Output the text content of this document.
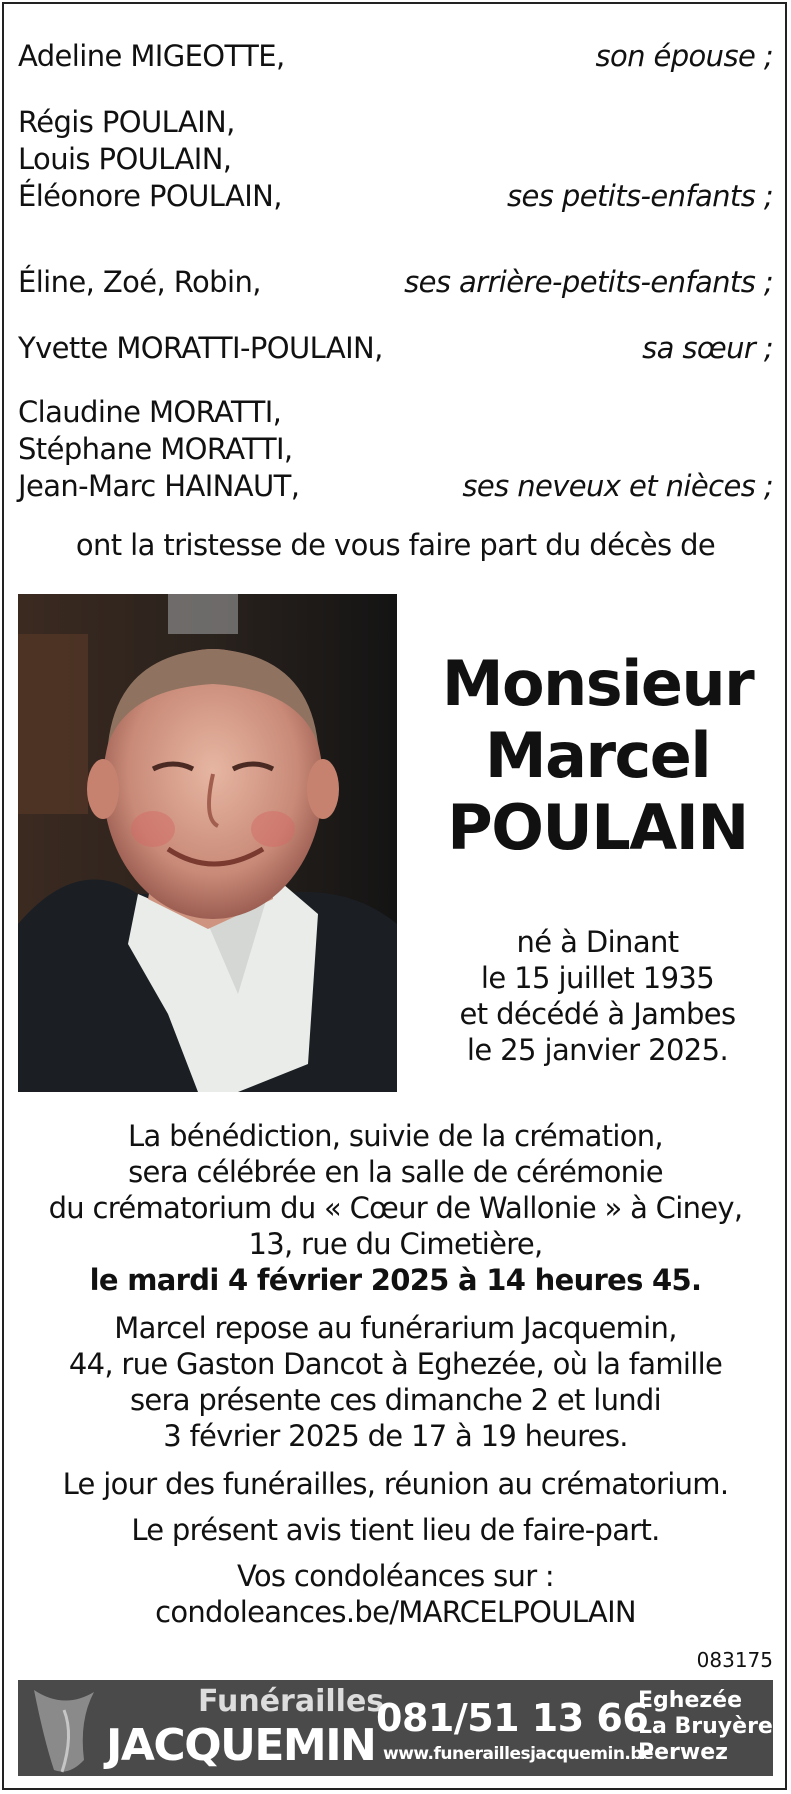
Adeline MIGEOTTE,	son épouse ;
Régis POULAIN,
Louis POULAIN,
Éléonore POULAIN,	ses petits-enfants ;
Éline, Zoé, Robin,	ses arrière-petits-enfants ;
Yvette MORATTI-POULAIN,	sa sœur ;
Claudine MORATTI,
Stéphane MORATTI,
Jean-Marc HAINAUT,	ses neveux et nièces ;
ont la tristesse de vous faire part du décès de
Monsieur
Marcel
POULAIN
né à Dinant
le 15 juillet 1935
et décédé à Jambes
le 25 janvier 2025.
La bénédiction, suivie de la crémation,
sera célébrée en la salle de cérémonie
du crématorium du « Cœur de Wallonie » à Ciney,
13, rue du Cimetière,
le mardi 4 février 2025 à 14 heures 45.
Marcel repose au funérarium Jacquemin,
44, rue Gaston Dancot à Eghezée, où la famille
sera présente ces dimanche 2 et lundi
3 février 2025 de 17 à 19 heures.
Le jour des funérailles, réunion au crématorium.
Le présent avis tient lieu de faire-part.
Vos condoléances sur :
condoleances.be/MARCELPOULAIN
083175
Funérailles
JACQUEMIN
081/51 13 66
www.funeraillesjacquemin.be
Eghezée
La Bruyère
Perwez
